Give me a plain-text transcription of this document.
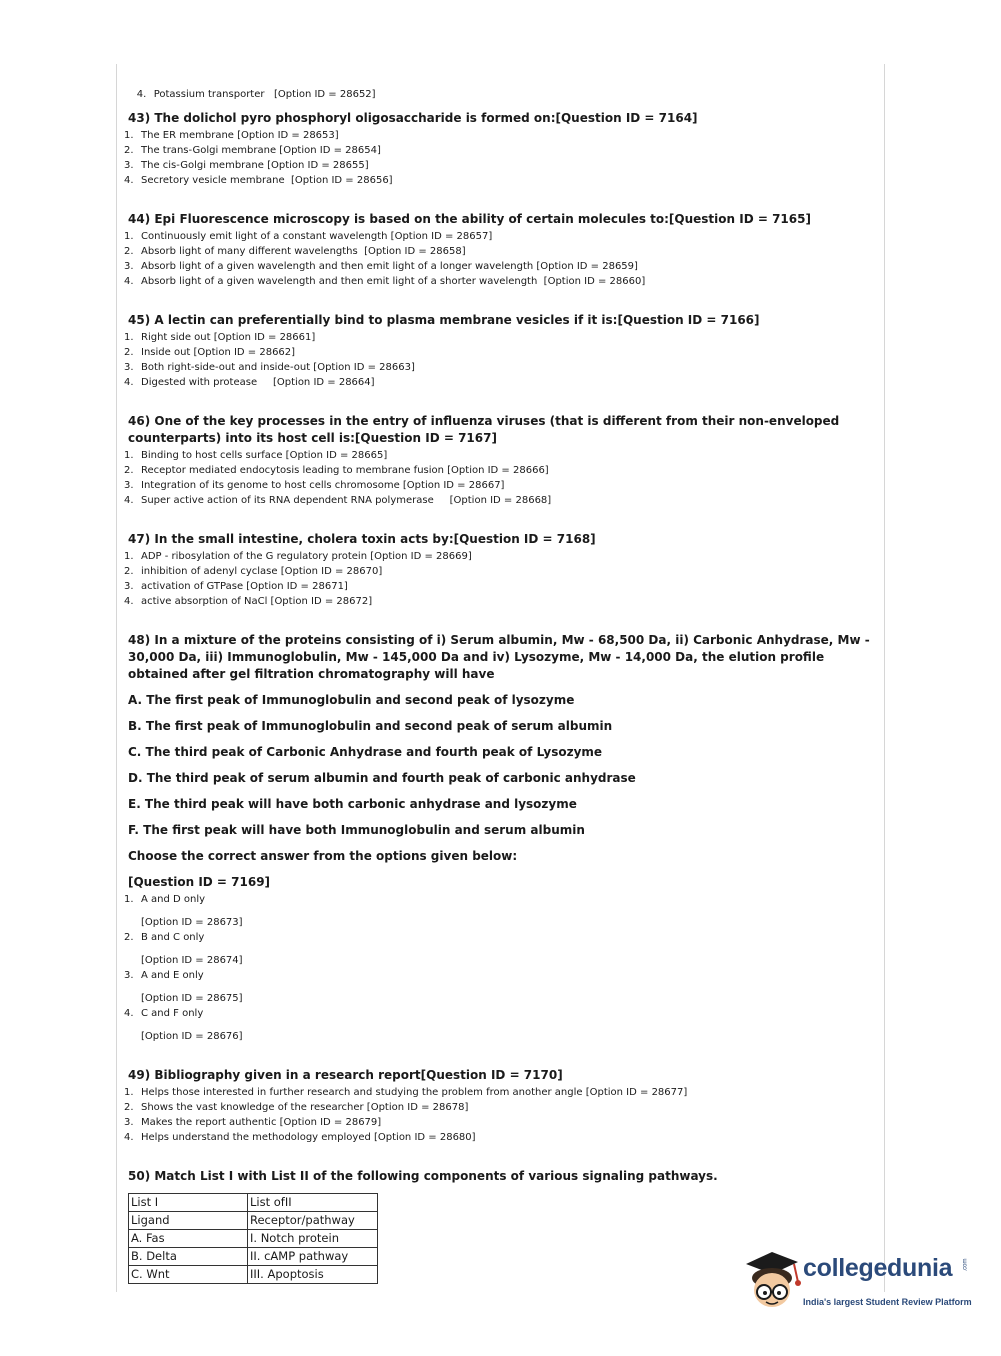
4. Potassium transporter   [Option ID = 28652]

43) The dolichol pyro phosphoryl oligosaccharide is formed on:[Question ID = 7164]
1. The ER membrane [Option ID = 28653]
2. The trans-Golgi membrane [Option ID = 28654]
3. The cis-Golgi membrane [Option ID = 28655]
4. Secretory vesicle membrane  [Option ID = 28656]
44) Epi Fluorescence microscopy is based on the ability of certain molecules to:[Question ID = 7165]
1. Continuously emit light of a constant wavelength [Option ID = 28657]
2. Absorb light of many different wavelengths  [Option ID = 28658]
3. Absorb light of a given wavelength and then emit light of a longer wavelength [Option ID = 28659]
4. Absorb light of a given wavelength and then emit light of a shorter wavelength  [Option ID = 28660]
45) A lectin can preferentially bind to plasma membrane vesicles if it is:[Question ID = 7166]
1. Right side out [Option ID = 28661]
2. Inside out [Option ID = 28662]
3. Both right-side-out and inside-out [Option ID = 28663]
4. Digested with protease     [Option ID = 28664]
46) One of the key processes in the entry of influenza viruses (that is different from their non-enveloped counterparts) into its host cell is:[Question ID = 7167]
1. Binding to host cells surface [Option ID = 28665]
2. Receptor mediated endocytosis leading to membrane fusion [Option ID = 28666]
3. Integration of its genome to host cells chromosome [Option ID = 28667]
4. Super active action of its RNA dependent RNA polymerase     [Option ID = 28668]
47) In the small intestine, cholera toxin acts by:[Question ID = 7168]
1. ADP - ribosylation of the G regulatory protein [Option ID = 28669]
2. inhibition of adenyl cyclase [Option ID = 28670]
3. activation of GTPase [Option ID = 28671]
4. active absorption of NaCl [Option ID = 28672]
48) In a mixture of the proteins consisting of i) Serum albumin, Mw - 68,500 Da, ii) Carbonic Anhydrase, Mw - 30,000 Da, iii) Immunoglobulin, Mw - 145,000 Da and iv) Lysozyme, Mw - 14,000 Da, the elution profile obtained after gel filtration chromatography will have
A. The first peak of Immunoglobulin and second peak of lysozyme
B. The first peak of Immunoglobulin and second peak of serum albumin
C. The third peak of Carbonic Anhydrase and fourth peak of Lysozyme
D. The third peak of serum albumin and fourth peak of carbonic anhydrase
E. The third peak will have both carbonic anhydrase and lysozyme
F. The first peak will have both Immunoglobulin and serum albumin
Choose the correct answer from the options given below:
[Question ID = 7169]
1. A and D only
[Option ID = 28673]
2. B and C only
[Option ID = 28674]
3. A and E only
[Option ID = 28675]
4. C and F only
[Option ID = 28676]
49) Bibliography given in a research report[Question ID = 7170]
1. Helps those interested in further research and studying the problem from another angle [Option ID = 28677]
2. Shows the vast knowledge of the researcher [Option ID = 28678]
3. Makes the report authentic [Option ID = 28679]
4. Helps understand the methodology employed [Option ID = 28680]
50) Match List I with List II of the following components of various signaling pathways.
List I	List ofII
Ligand	Receptor/pathway
A. Fas	I. Notch protein
B. Delta	II. cAMP pathway
C. Wnt	III. Apoptosis	collegedunia .com
India's largest Student Review Platform
